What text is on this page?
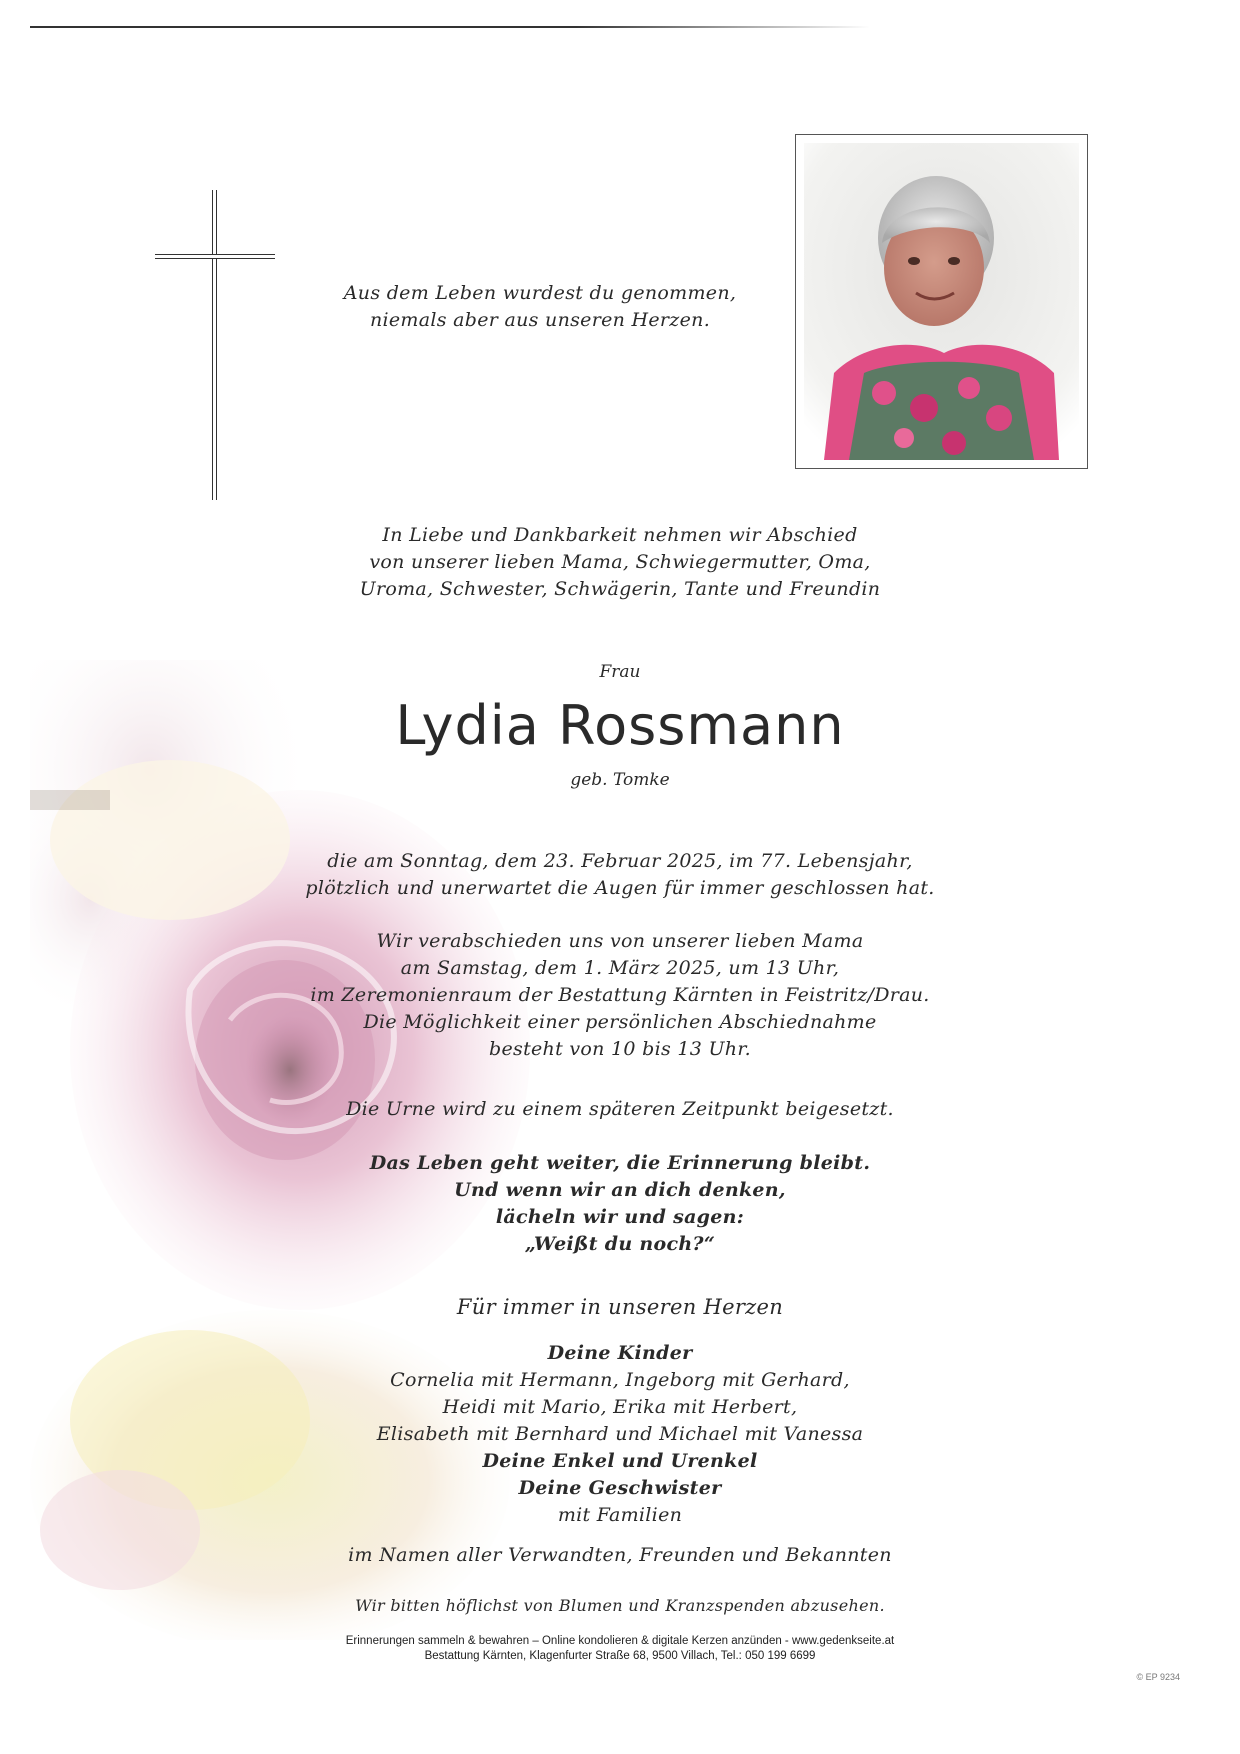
Aus dem Leben wurdest du genommen,
niemals aber aus unseren Herzen.
In Liebe und Dankbarkeit nehmen wir Abschied
von unserer lieben Mama, Schwiegermutter, Oma,
Uroma, Schwester, Schwägerin, Tante und Freundin
Frau
Lydia Rossmann
geb. Tomke
die am Sonntag, dem 23. Februar 2025, im 77. Lebensjahr,
plötzlich und unerwartet die Augen für immer geschlossen hat.
Wir verabschieden uns von unserer lieben Mama
am Samstag, dem 1. März 2025, um 13 Uhr,
im Zeremonienraum der Bestattung Kärnten in Feistritz/Drau.
Die Möglichkeit einer persönlichen Abschiednahme
besteht von 10 bis 13 Uhr.
Die Urne wird zu einem späteren Zeitpunkt beigesetzt.
Das Leben geht weiter, die Erinnerung bleibt.
Und wenn wir an dich denken,
lächeln wir und sagen:
„Weißt du noch?“
Für immer in unseren Herzen
Deine Kinder
Cornelia mit Hermann, Ingeborg mit Gerhard,
Heidi mit Mario, Erika mit Herbert,
Elisabeth mit Bernhard und Michael mit Vanessa
Deine Enkel und Urenkel
Deine Geschwister
mit Familien
im Namen aller Verwandten, Freunden und Bekannten
Wir bitten höflichst von Blumen und Kranzspenden abzusehen.
Erinnerungen sammeln & bewahren – Online kondolieren & digitale Kerzen anzünden - www.gedenkseite.at
Bestattung Kärnten, Klagenfurter Straße 68, 9500 Villach, Tel.: 050 199 6699
© EP 9234
